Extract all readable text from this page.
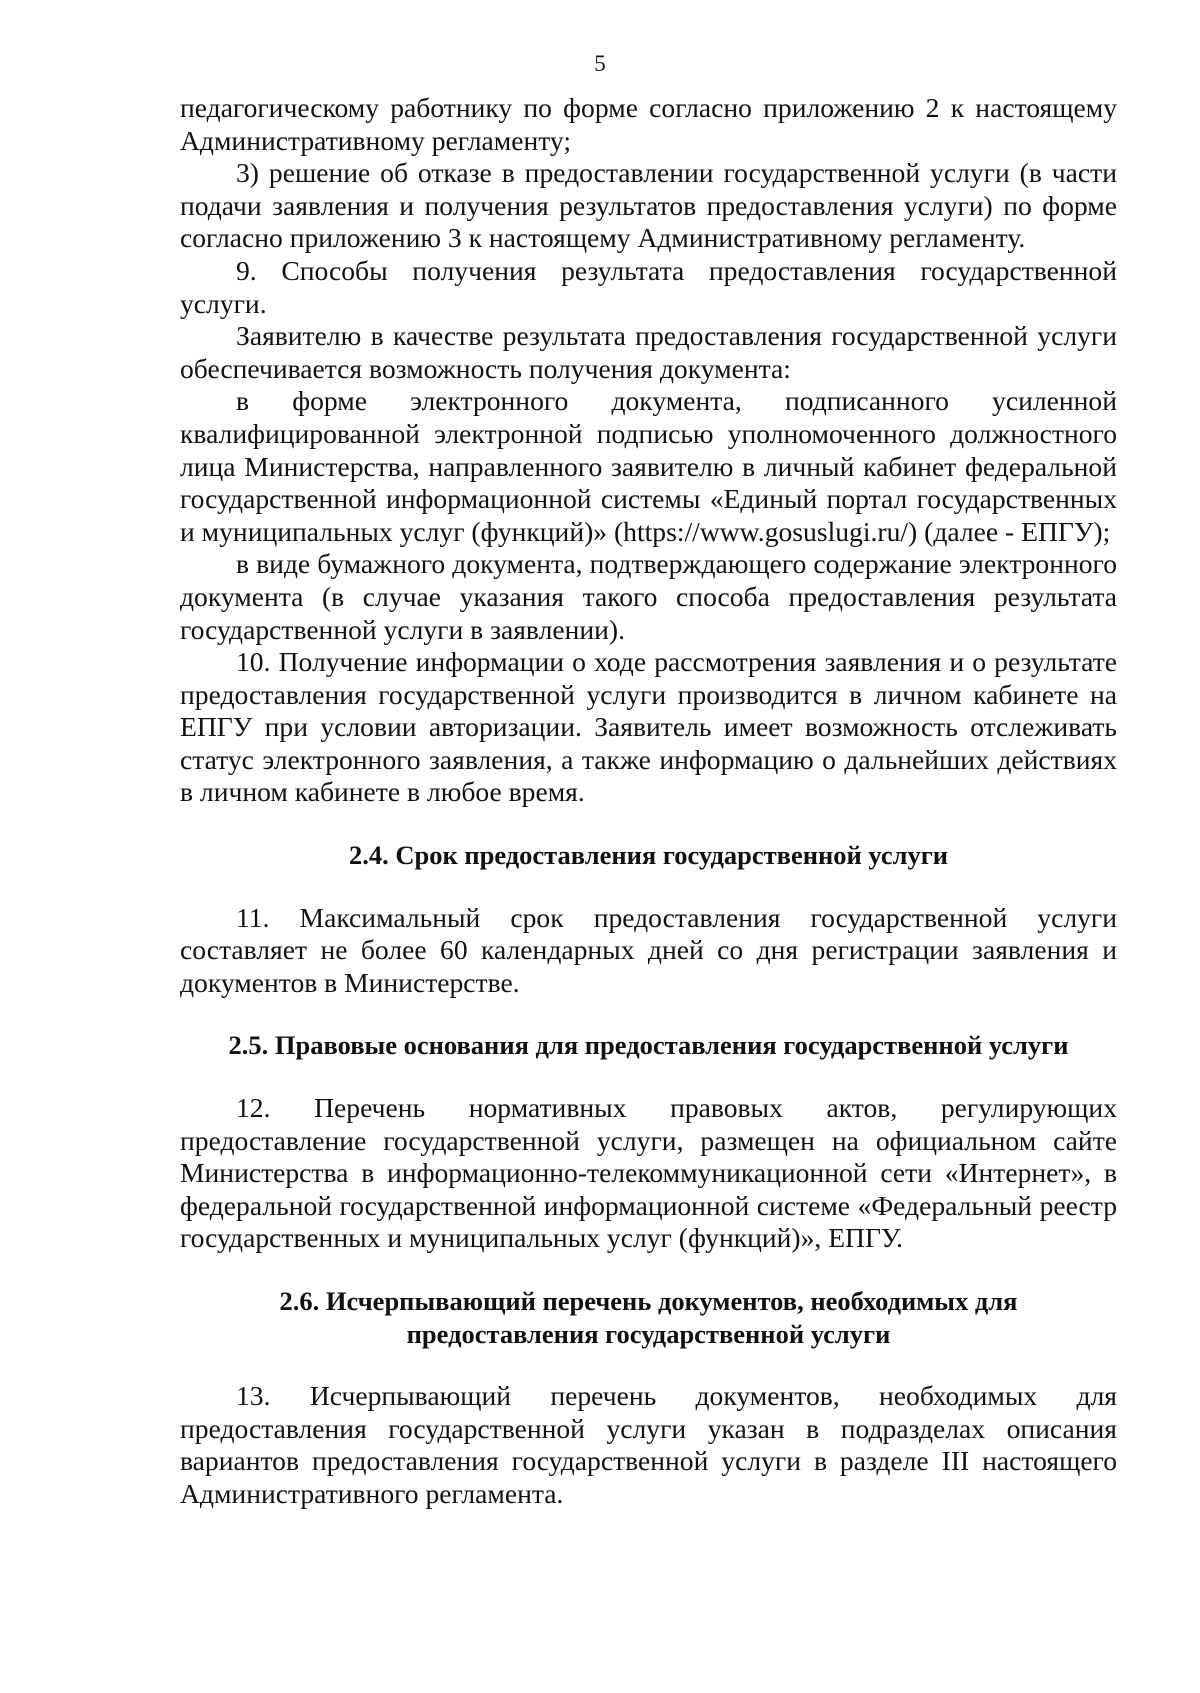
5

педагогическому работнику по форме согласно приложению 2 к настоящему Административному регламенту;

3) решение об отказе в предоставлении государственной услуги (в части подачи заявления и получения результатов предоставления услуги) по форме согласно приложению 3 к настоящему Административному регламенту.

9. Способы получения результата предоставления государственной услуги.

Заявителю в качестве результата предоставления государственной услуги обеспечивается возможность получения документа:

в форме электронного документа, подписанного усиленной квалифицированной электронной подписью уполномоченного должностного лица Министерства, направленного заявителю в личный кабинет федеральной государственной информационной системы «Единый портал государственных и муниципальных услуг (функций)» (https://www.gosuslugi.ru/) (далее - ЕПГУ);

в виде бумажного документа, подтверждающего содержание электронного документа (в случае указания такого способа предоставления результата государственной услуги в заявлении).

10. Получение информации о ходе рассмотрения заявления и о результате предоставления государственной услуги производится в личном кабинете на ЕПГУ при условии авторизации. Заявитель имеет возможность отслеживать статус электронного заявления, а также информацию о дальнейших действиях в личном кабинете в любое время.

2.4. Срок предоставления государственной услуги

11. Максимальный срок предоставления государственной услуги составляет не более 60 календарных дней со дня регистрации заявления и документов в Министерстве.

2.5. Правовые основания для предоставления государственной услуги

12. Перечень нормативных правовых актов, регулирующих предоставление государственной услуги, размещен на официальном сайте Министерства в информационно-телекоммуникационной сети «Интернет», в федеральной государственной информационной системе «Федеральный реестр государственных и муниципальных услуг (функций)», ЕПГУ.

2.6. Исчерпывающий перечень документов, необходимых для
предоставления государственной услуги

13. Исчерпывающий перечень документов, необходимых для предоставления государственной услуги указан в подразделах описания вариантов предоставления государственной услуги в разделе III настоящего Административного регламента.
